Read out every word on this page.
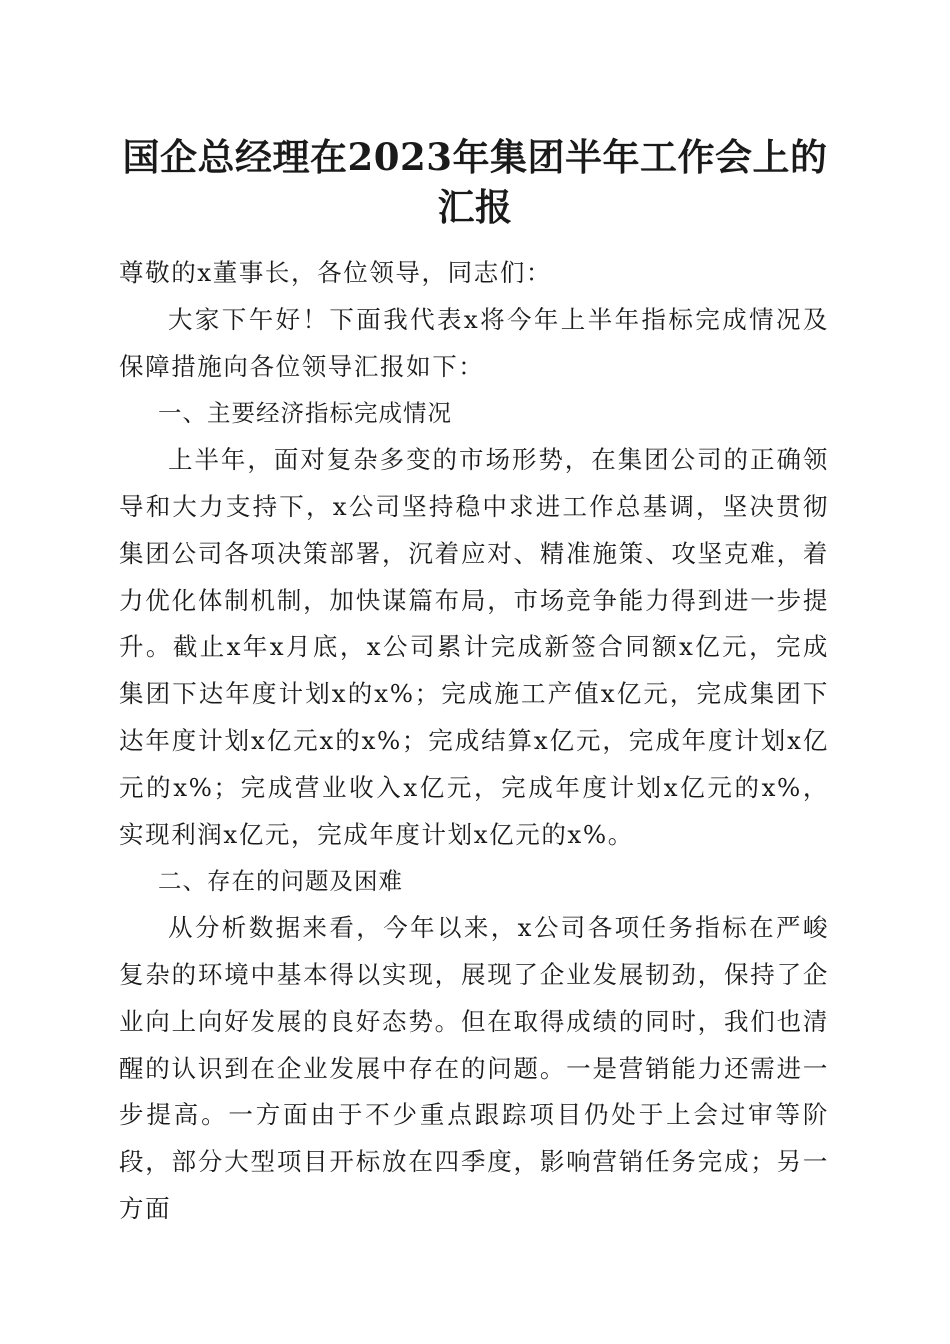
国企总经理在2023年集团半年工作会上的汇报

尊敬的x董事长，各位领导，同志们：

大家下午好！下面我代表x将今年上半年指标完成情况及保障措施向各位领导汇报如下：

一、主要经济指标完成情况

上半年，面对复杂多变的市场形势，在集团公司的正确领导和大力支持下，x公司坚持稳中求进工作总基调，坚决贯彻集团公司各项决策部署，沉着应对、精准施策、攻坚克难，着力优化体制机制，加快谋篇布局，市场竞争能力得到进一步提升。截止x年x月底，x公司累计完成新签合同额x亿元，完成集团下达年度计划x的x%；完成施工产值x亿元，完成集团下达年度计划x亿元x的x%；完成结算x亿元，完成年度计划x亿元的x%；完成营业收入x亿元，完成年度计划x亿元的x%，实现利润x亿元，完成年度计划x亿元的x%。

二、存在的问题及困难

从分析数据来看，今年以来，x公司各项任务指标在严峻复杂的环境中基本得以实现，展现了企业发展韧劲，保持了企业向上向好发展的良好态势。但在取得成绩的同时，我们也清醒的认识到在企业发展中存在的问题。一是营销能力还需进一步提高。一方面由于不少重点跟踪项目仍处于上会过审等阶段，部分大型项目开标放在四季度，影响营销任务完成；另一方面
